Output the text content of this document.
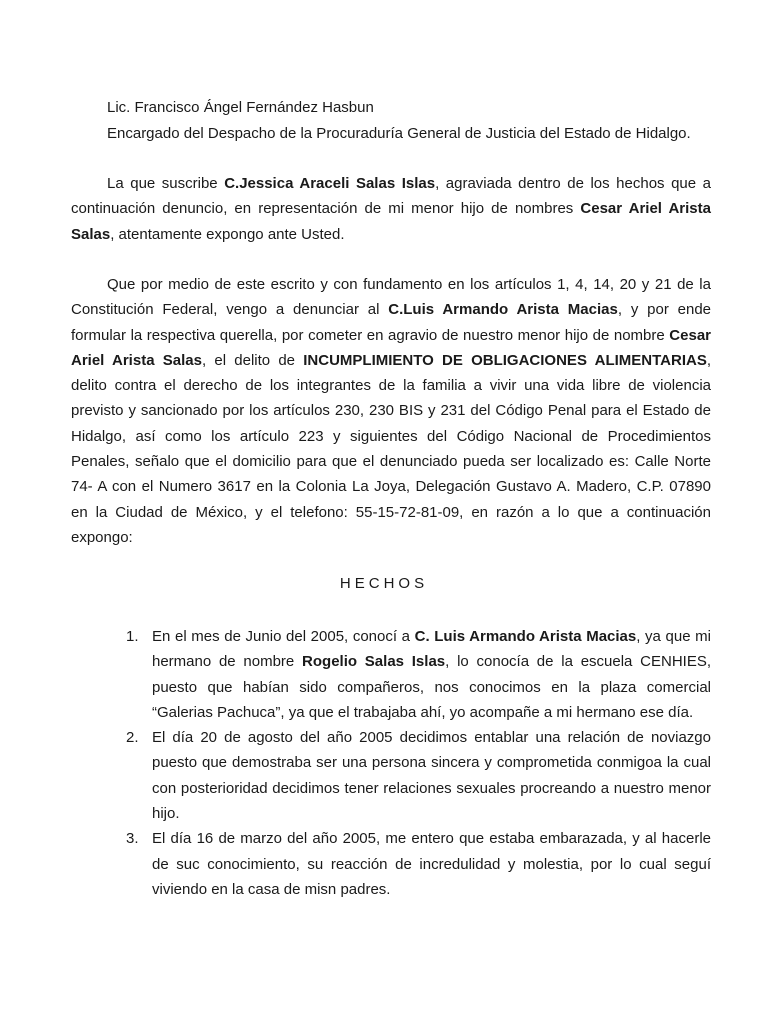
Lic. Francisco Ángel Fernández Hasbun
Encargado del Despacho de la Procuraduría General de Justicia del Estado de Hidalgo.

La que suscribe C.Jessica Araceli Salas Islas, agraviada dentro de los hechos que a
continuación denuncio, en representación de mi menor hijo de nombres Cesar Ariel Arista
Salas, atentamente expongo ante Usted.

Que por medio de este escrito y con fundamento en los artículos 1, 4, 14, 20 y 21 de la
Constitución Federal, vengo a denunciar al C.Luis Armando Arista Macias, y por ende
formular la respectiva querella, por cometer en agravio de nuestro menor hijo de nombre Cesar
Ariel Arista Salas, el delito de INCUMPLIMIENTO DE OBLIGACIONES ALIMENTARIAS,
delito contra el derecho de los integrantes de la familia a vivir una vida libre de violencia
previsto y sancionado por los artículos 230, 230 BIS y 231 del Código Penal para el Estado de
Hidalgo, así como los artículo 223 y siguientes del Código Nacional de Procedimientos
Penales, señalo que el domicilio para que el denunciado pueda ser localizado es: Calle Norte
74- A con el Numero 3617 en la Colonia La Joya, Delegación Gustavo A. Madero, C.P. 07890
en la Ciudad de México, y el telefono: 55-15-72-81-09, en razón a lo que a continuación
expongo:

HECHOS
1. En el mes de Junio del 2005, conocí a C. Luis Armando Arista Macias, ya que mi
hermano de nombre Rogelio Salas Islas, lo conocía de la escuela CENHIES,
puesto que habían sido compañeros, nos conocimos en la plaza comercial
“Galerias Pachuca”, ya que el trabajaba ahí, yo acompañe a mi hermano ese día.
2. El día 20 de agosto del año 2005 decidimos entablar una relación de noviazgo
puesto que demostraba ser una persona sincera y comprometida conmigoa la cual
con posterioridad decidimos tener relaciones sexuales procreando a nuestro menor
hijo.
3. El día 16 de marzo del año 2005, me entero que estaba embarazada, y al hacerle
de suc conocimiento, su reacción de incredulidad y molestia, por lo cual seguí
viviendo en la casa de misn padres.
